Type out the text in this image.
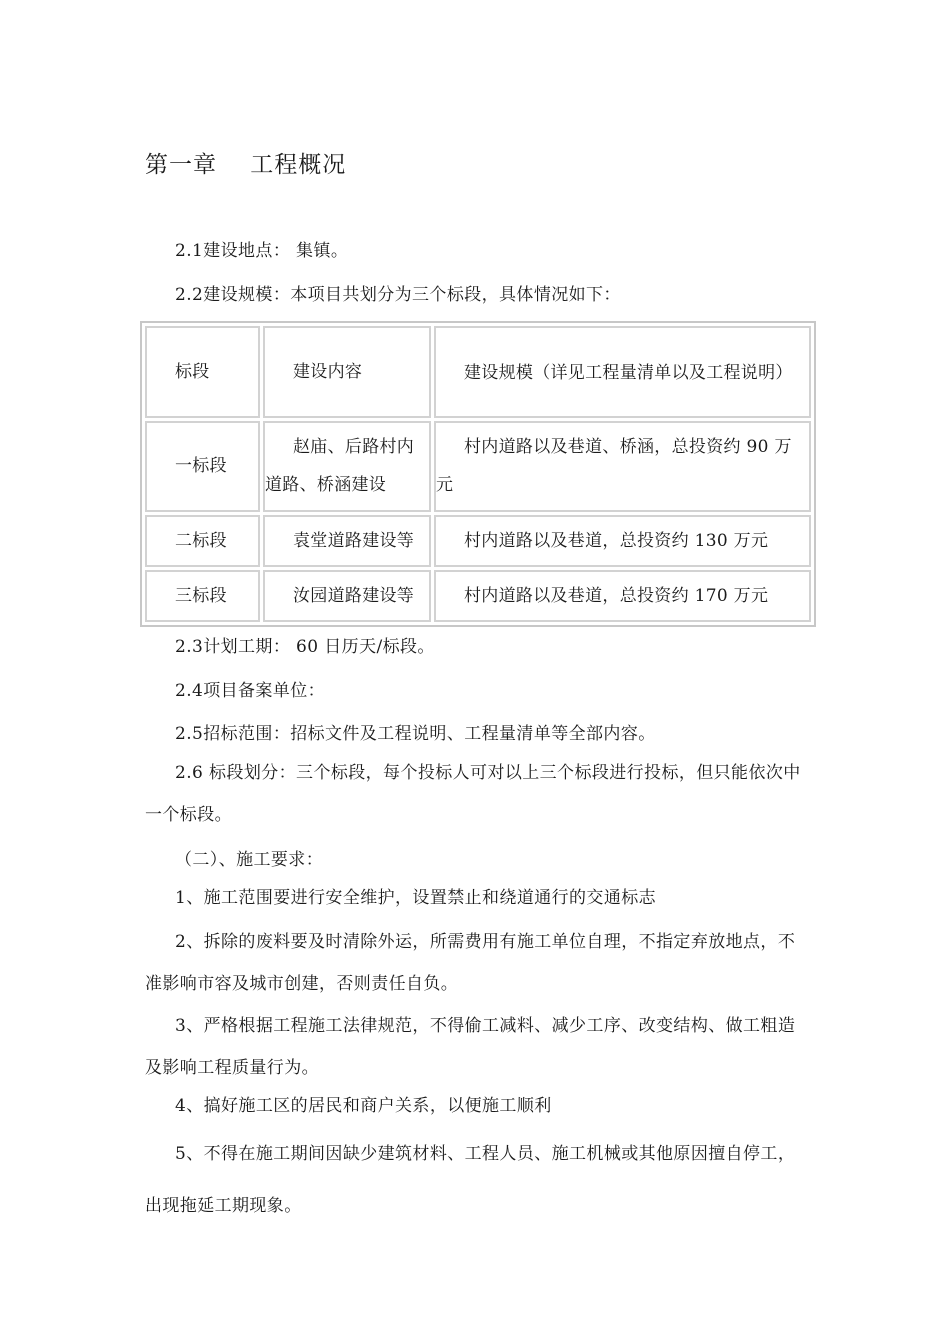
第一章    工程概况
2.1建设地点： 集镇。
2.2建设规模：本项目共划分为三个标段，具体情况如下：
标段	建设内容	建设规模（详见工程量清单以及工程说明）
一标段	赵庙、后路村内道路、桥涵建设	村内道路以及巷道、桥涵，总投资约 90 万元
二标段	袁堂道路建设等	村内道路以及巷道，总投资约 130 万元
三标段	汝园道路建设等	村内道路以及巷道，总投资约 170 万元
2.3计划工期： 60 日历天/标段。
2.4项目备案单位：
2.5招标范围：招标文件及工程说明、工程量清单等全部内容。
2.6 标段划分：三个标段，每个投标人可对以上三个标段进行投标，但只能依次中一个标段。
（二）、施工要求：
1、施工范围要进行安全维护，设置禁止和绕道通行的交通标志
2、拆除的废料要及时清除外运，所需费用有施工单位自理，不指定弃放地点，不准影响市容及城市创建，否则责任自负。
3、严格根据工程施工法律规范，不得偷工减料、减少工序、改变结构、做工粗造及影响工程质量行为。
4、搞好施工区的居民和商户关系，以便施工顺利
5、不得在施工期间因缺少建筑材料、工程人员、施工机械或其他原因擅自停工，出现拖延工期现象。
